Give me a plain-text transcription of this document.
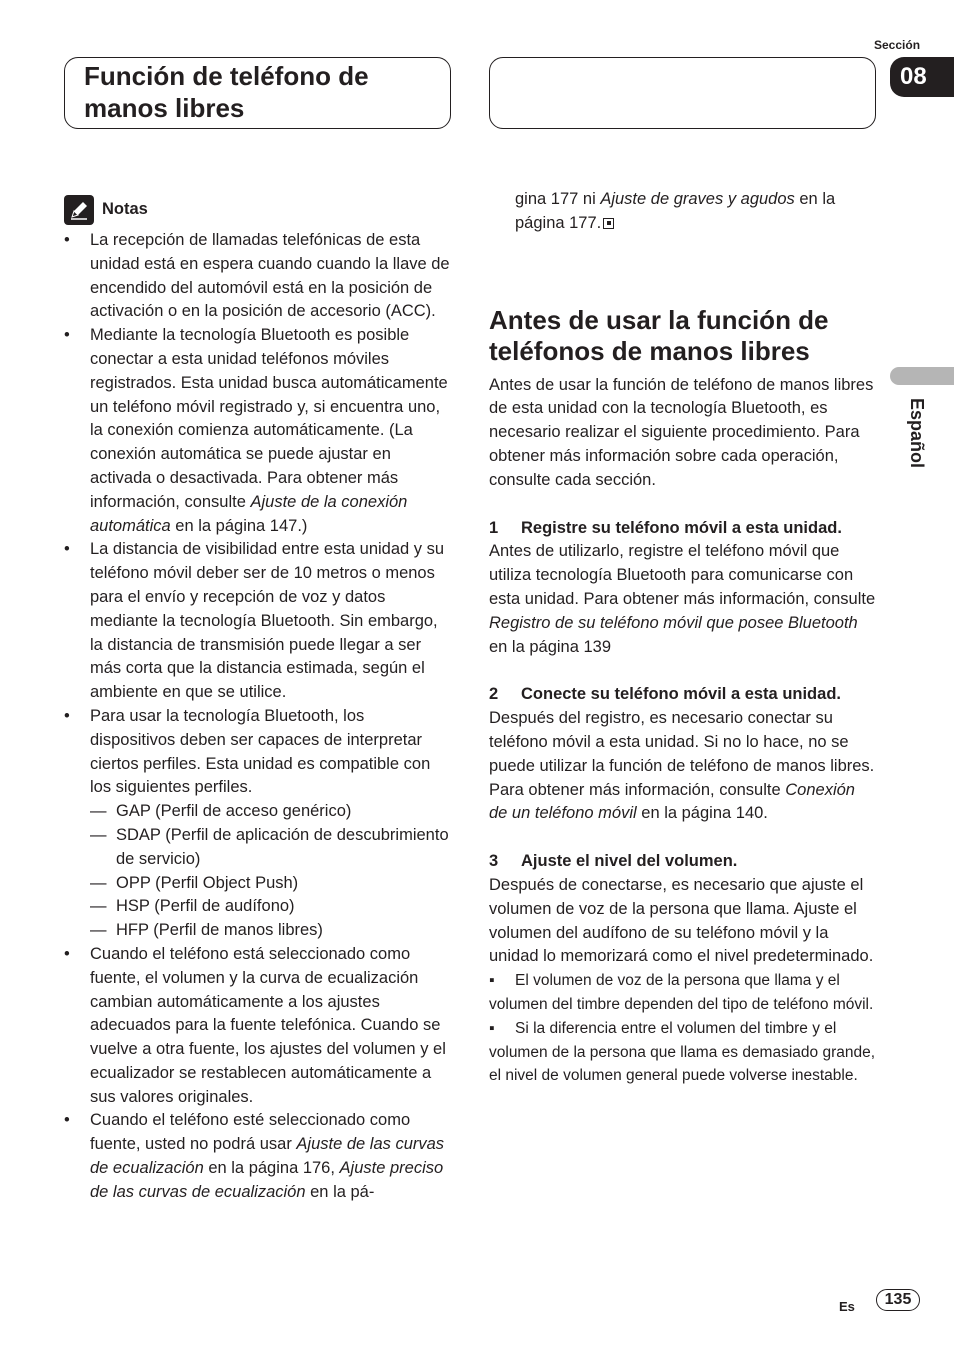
Función de teléfono de manos libres
Sección
08
Español
Notas
• La recepción de llamadas telefónicas de esta unidad está en espera cuando cuando la llave de encendido del automóvil está en la posición de activación o en la posición de accesorio (ACC).
• Mediante la tecnología Bluetooth es posible conectar a esta unidad teléfonos móviles registrados. Esta unidad busca automáticamente un teléfono móvil registrado y, si encuentra uno, la conexión comienza automáticamente. (La conexión automática se puede ajustar en activada o desactivada. Para obtener más información, consulte Ajuste de la conexión automática en la página 147.)
• La distancia de visibilidad entre esta unidad y su teléfono móvil deber ser de 10 metros o menos para el envío y recepción de voz y datos mediante la tecnología Bluetooth. Sin embargo, la distancia de transmisión puede llegar a ser más corta que la distancia estimada, según el ambiente en que se utilice.
• Para usar la tecnología Bluetooth, los dispositivos deben ser capaces de interpretar ciertos perfiles. Esta unidad es compatible con los siguientes perfiles.
— GAP (Perfil de acceso genérico)
— SDAP (Perfil de aplicación de descubrimiento de servicio)
— OPP (Perfil Object Push)
— HSP (Perfil de audífono)
— HFP (Perfil de manos libres)
• Cuando el teléfono está seleccionado como fuente, el volumen y la curva de ecualización cambian automáticamente a los ajustes adecuados para la fuente telefónica. Cuando se vuelve a otra fuente, los ajustes del volumen y el ecualizador se restablecen automáticamente a sus valores originales.
• Cuando el teléfono esté seleccionado como fuente, usted no podrá usar Ajuste de las curvas de ecualización en la página 176, Ajuste preciso de las curvas de ecualización en la pá-
gina 177 ni Ajuste de graves y agudos en la página 177.
Antes de usar la función de teléfonos de manos libres
Antes de usar la función de teléfono de manos libres de esta unidad con la tecnología Bluetooth, es necesario realizar el siguiente procedimiento. Para obtener más información sobre cada operación, consulte cada sección.
1 Registre su teléfono móvil a esta unidad.
Antes de utilizarlo, registre el teléfono móvil que utiliza tecnología Bluetooth para comunicarse con esta unidad. Para obtener más información, consulte Registro de su teléfono móvil que posee Bluetooth en la página 139
2 Conecte su teléfono móvil a esta unidad.
Después del registro, es necesario conectar su teléfono móvil a esta unidad. Si no lo hace, no se puede utilizar la función de teléfono de manos libres. Para obtener más información, consulte Conexión de un teléfono móvil en la página 140.
3 Ajuste el nivel del volumen.
Después de conectarse, es necesario que ajuste el volumen de voz de la persona que llama. Ajuste el volumen del audífono de su teléfono móvil y la unidad lo memorizará como el nivel predeterminado.
▪ El volumen de voz de la persona que llama y el volumen del timbre dependen del tipo de teléfono móvil.
▪ Si la diferencia entre el volumen del timbre y el volumen de la persona que llama es demasiado grande, el nivel de volumen general puede volverse inestable.
Es	135
